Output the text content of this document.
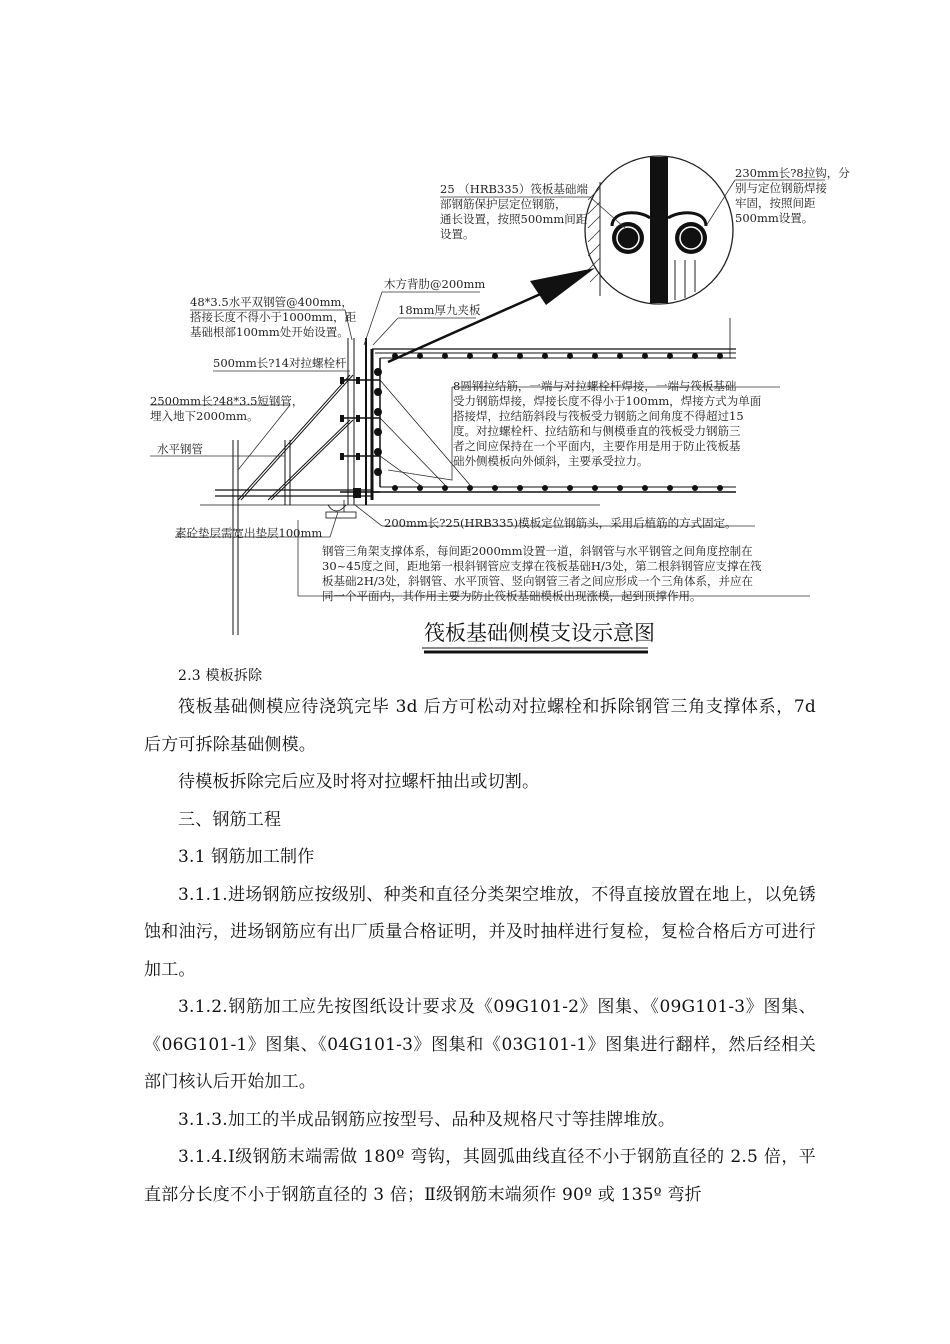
25 （HRB335）筏板基础端
部钢筋保护层定位钢筋，
通长设置，按照500mm间距
设置。
230mm长?8拉钩，分
别与定位钢筋焊接
牢固，按照间距
500mm设置。
木方背肋@200mm
48*3.5水平双钢管@400mm，
搭接长度不得小于1000mm，距
基础根部100mm处开始设置。
18mm厚九夹板
500mm长?14对拉螺栓杆
2500mm长?48*3.5短钢管，
埋入地下2000mm。
8圆钢拉结筋，一端与对拉螺栓杆焊接，一端与筏板基础
受力钢筋焊接，焊接长度不得小于100mm，焊接方式为单面
搭接焊，拉结筋斜段与筏板受力钢筋之间角度不得超过15
度。对拉螺栓杆、拉结筋和与侧模垂直的筏板受力钢筋三
者之间应保持在一个平面内，主要作用是用于防止筏板基
础外侧模板向外倾斜，主要承受拉力。
水平钢管
200mm长?25(HRB335)模板定位钢筋头，采用后植筋的方式固定。
素砼垫层需宽出垫层100mm
钢管三角架支撑体系，每间距2000mm设置一道，斜钢管与水平钢管之间角度控制在
30~45度之间，距地第一根斜钢管应支撑在筏板基础H/3处，第二根斜钢管应支撑在筏
板基础2H/3处，斜钢管、水平顶管、竖向钢管三者之间应形成一个三角体系，并应在
同一个平面内，其作用主要为防止筏板基础模板出现涨模，起到顶撑作用。
筏板基础侧模支设示意图

2.3 模板拆除

筏板基础侧模应待浇筑完毕 3d 后方可松动对拉螺栓和拆除钢管三角支撑体系，7d 后方可拆除基础侧模。

待模板拆除完后应及时将对拉螺杆抽出或切割。

三、钢筋工程

3.1 钢筋加工制作

3.1.1.进场钢筋应按级别、种类和直径分类架空堆放，不得直接放置在地上，以免锈蚀和油污，进场钢筋应有出厂质量合格证明，并及时抽样进行复检，复检合格后方可进行加工。

3.1.2.钢筋加工应先按图纸设计要求及《09G101-2》图集、《09G101-3》图集、《06G101-1》图集、《04G101-3》图集和《03G101-1》图集进行翻样，然后经相关部门核认后开始加工。

3.1.3.加工的半成品钢筋应按型号、品种及规格尺寸等挂牌堆放。

3.1.4.Ⅰ级钢筋末端需做 180º 弯钩，其圆弧曲线直径不小于钢筋直径的 2.5 倍，平直部分长度不小于钢筋直径的 3 倍；Ⅱ级钢筋末端须作 90º 或 135º 弯折
